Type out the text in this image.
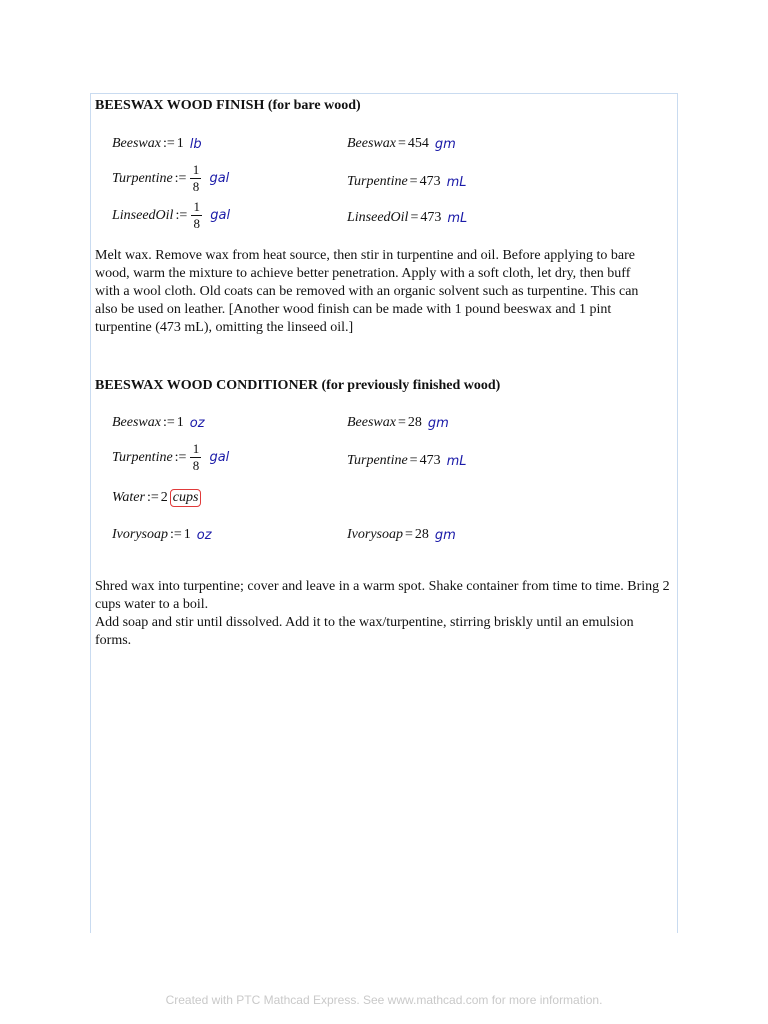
BEESWAX WOOD FINISH (for bare wood)
Beeswax := 1 lb
Turpentine := $\frac{1}{8}$ gal
LinseedOil := $\frac{1}{8}$ gal
Beeswax = 454 gm
Turpentine = 473 mL
LinseedOil = 473 mL
Melt wax. Remove wax from heat source, then stir in turpentine and oil. Before applying to bare wood, warm the mixture to achieve better penetration. Apply with a soft cloth, let dry, then buff with a wool cloth. Old coats can be removed with an organic solvent such as turpentine. This can also be used on leather. [Another wood finish can be made with 1 pound beeswax and 1 pint turpentine (473 mL), omitting the linseed oil.]
BEESWAX WOOD CONDITIONER (for previously finished wood)
Beeswax := 1 oz
Turpentine := $\frac{1}{8}$ gal
Water := 2 cups
Ivorysoap := 1 oz
Beeswax = 28 gm
Turpentine = 473 mL
Ivorysoap = 28 gm
Shred wax into turpentine; cover and leave in a warm spot. Shake container from time to time. Bring 2 cups water to a boil.
Add soap and stir until dissolved. Add it to the wax/turpentine, stirring briskly until an emulsion forms.
Created with PTC Mathcad Express. See www.mathcad.com for more information.
